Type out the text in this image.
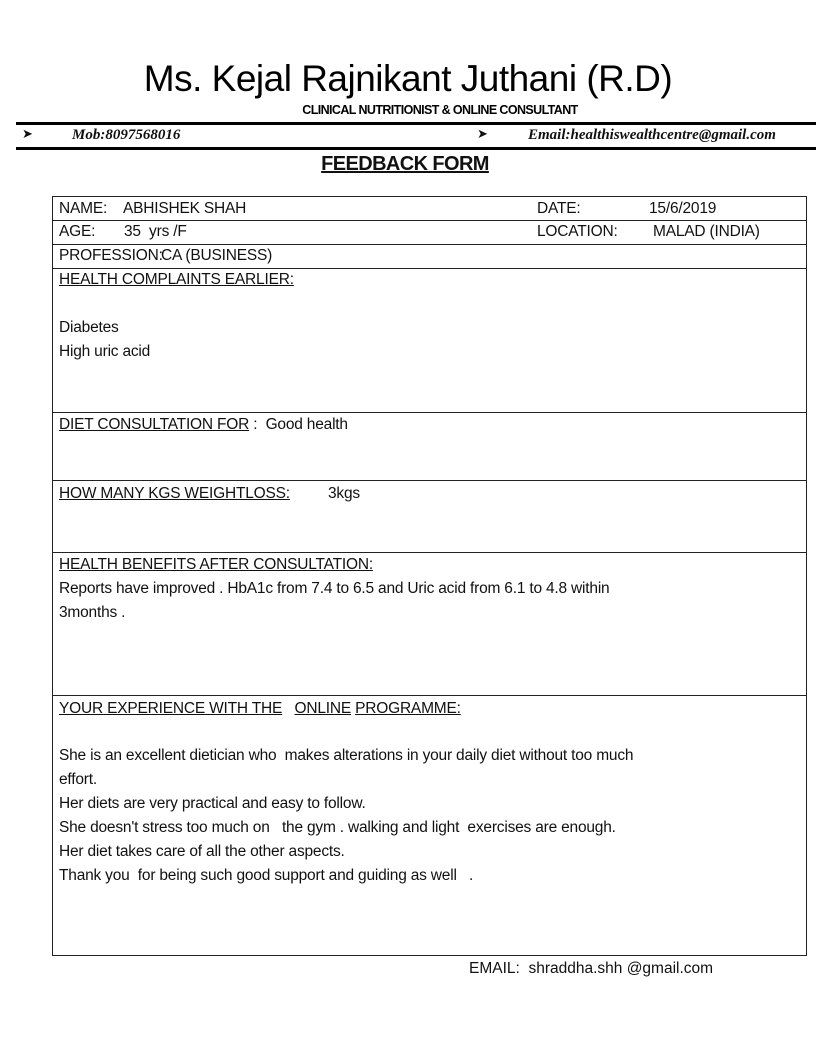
Ms. Kejal Rajnikant Juthani (R.D)
CLINICAL NUTRITIONIST & ONLINE CONSULTANT
➤	Mob:8097568016	➤	Email:healthiswealthcentre@gmail.com
FEEDBACK FORM
NAME: ABHISHEK SHAH	DATE:	15/6/2019
AGE: 35  yrs /F	LOCATION: MALAD (INDIA)
PROFESSION:
CA (BUSINESS)
HEALTH COMPLAINTS EARLIER:
Diabetes
High uric acid
DIET CONSULTATION FOR :  Good health
HOW MANY KGS WEIGHTLOSS: 3kgs
HEALTH BENEFITS AFTER CONSULTATION:
Reports have improved . HbA1c from 7.4 to 6.5 and Uric acid from 6.1 to 4.8 within
3months .
YOUR EXPERIENCE WITH THE ONLINE PROGRAMME:
She is an excellent dietician who  makes alterations in your daily diet without too much
effort.
Her diets are very practical and easy to follow.
She doesn't stress too much on   the gym . walking and light  exercises are enough.
Her diet takes care of all the other aspects.
Thank you  for being such good support and guiding as well   .
EMAIL: shraddha.shh @gmail.com
